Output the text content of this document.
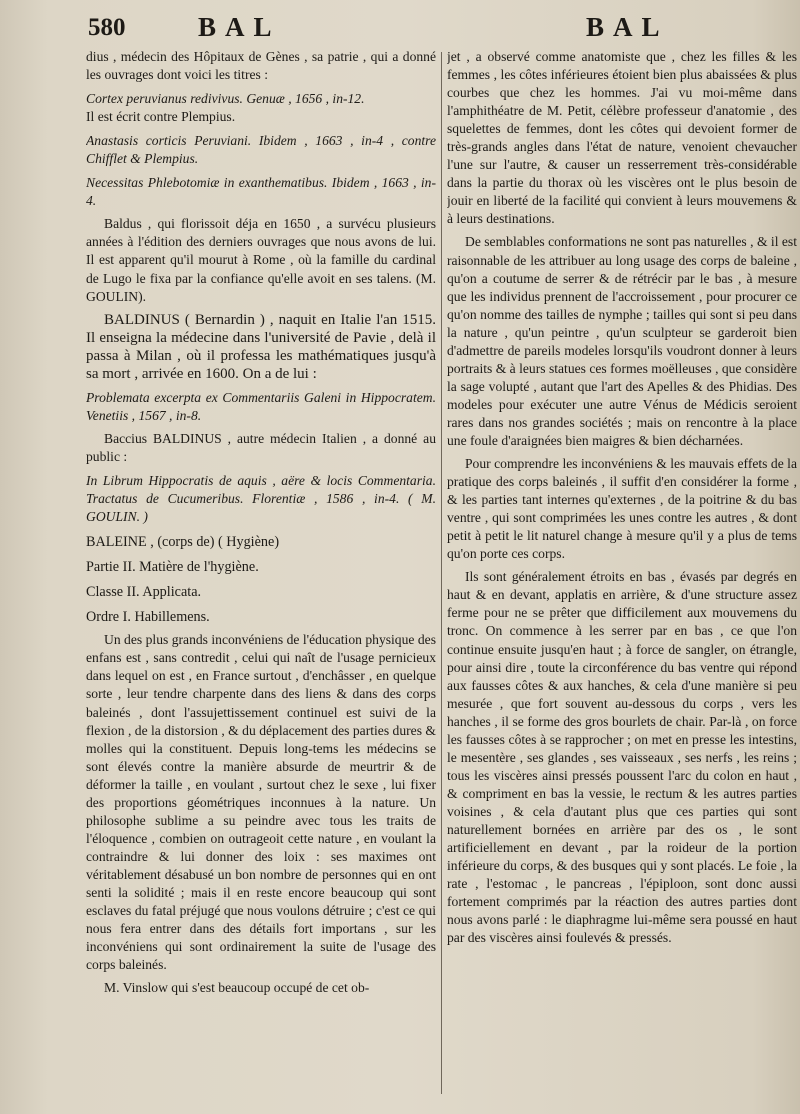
580	BAL	BAL

dius , médecin des Hôpitaux de Gènes , sa patrie , qui a donné les ouvrages dont voici les titres :

Cortex peruvianus redivivus. Genuæ , 1656 , in-12.

Il est écrit contre Plempius.

Anastasis corticis Peruviani. Ibidem , 1663 , in-4 , contre Chifflet & Plempius.

Necessitas Phlebotomiæ in exanthematibus. Ibidem , 1663 , in-4.

Baldus , qui florissoit déja en 1650 , a survécu plusieurs années à l'édition des derniers ouvrages que nous avons de lui. Il est apparent qu'il mourut à Rome , où la famille du cardinal de Lugo le fixa par la confiance qu'elle avoit en ses talens. (M. GOULIN).

BALDINUS ( Bernardin ) , naquit en Italie l'an 1515. Il enseigna la médecine dans l'université de Pavie , delà il passa à Milan , où il professa les mathématiques jusqu'à sa mort , arrivée en 1600. On a de lui :

Problemata excerpta ex Commentariis Galeni in Hippocratem. Venetiis , 1567 , in-8.

Baccius BALDINUS , autre médecin Italien , a donné au public :

In Librum Hippocratis de aquis , aëre & locis Commentaria. Tractatus de Cucumeribus. Florentiæ , 1586 , in-4. ( M. GOULIN. )

BALEINE , (corps de) ( Hygiène)

Partie II. Matière de l'hygiène.

Classe II. Applicata.

Ordre I. Habillemens.

Un des plus grands inconvéniens de l'éducation physique des enfans est , sans contredit , celui qui naît de l'usage pernicieux dans lequel on est , en France surtout , d'enchâsser , en quelque sorte , leur tendre charpente dans des liens & dans des corps baleinés , dont l'assujettissement continuel est suivi de la flexion , de la distorsion , & du déplacement des parties dures & molles qui la constituent. Depuis long-tems les médecins se sont élevés contre la manière absurde de meurtrir & de déformer la taille , en voulant , surtout chez le sexe , lui fixer des proportions géométriques inconnues à la nature. Un philosophe sublime a su peindre avec tous les traits de l'éloquence , combien on outrageoit cette nature , en voulant la contraindre & lui donner des loix : ses maximes ont véritablement désabusé un bon nombre de personnes qui en ont senti la solidité ; mais il en reste encore beaucoup qui sont esclaves du fatal préjugé que nous voulons détruire ; c'est ce qui nous fera entrer dans des détails fort importans , sur les inconvéniens qui sont ordinairement la suite de l'usage des corps baleinés.

M. Vinslow qui s'est beaucoup occupé de cet ob-

jet , a observé comme anatomiste que , chez les filles & les femmes , les côtes inférieures étoient bien plus abaissées & plus courbes que chez les hommes. J'ai vu moi-même dans l'amphithéatre de M. Petit, célèbre professeur d'anatomie , des squelettes de femmes, dont les côtes qui devoient former de très-grands angles dans l'état de nature, venoient chevaucher l'une sur l'autre, & causer un resserrement très-considérable dans la partie du thorax où les viscères ont le plus besoin de jouir en liberté de la facilité qui convient à leurs mouvemens & à leurs destinations.

De semblables conformations ne sont pas naturelles , & il est raisonnable de les attribuer au long usage des corps de baleine , qu'on a coutume de serrer & de rétrécir par le bas , à mesure que les individus prennent de l'accroissement , pour procurer ce qu'on nomme des tailles de nymphe ; tailles qui sont si peu dans la nature , qu'un peintre , qu'un sculpteur se garderoit bien d'admettre de pareils modeles lorsqu'ils voudront donner à leurs portraits & à leurs statues ces formes moëlleuses , que considère la sage volupté , autant que l'art des Apelles & des Phidias. Des modeles pour exécuter une autre Vénus de Médicis seroient rares dans nos grandes sociétés ; mais on rencontre à la place une foule d'araignées bien maigres & bien décharnées.

Pour comprendre les inconvéniens & les mauvais effets de la pratique des corps baleinés , il suffit d'en considérer la forme , & les parties tant internes qu'externes , de la poitrine & du bas ventre , qui sont comprimées les unes contre les autres , & dont petit à petit le lit naturel change à mesure qu'il y a plus de tems qu'on porte ces corps.

Ils sont généralement étroits en bas , évasés par degrés en haut & en devant, applatis en arrière, & d'une structure assez ferme pour ne se prêter que difficilement aux mouvemens du tronc. On commence à les serrer par en bas , ce que l'on continue ensuite jusqu'en haut ; à force de sangler, on étrangle, pour ainsi dire , toute la circonférence du bas ventre qui répond aux fausses côtes & aux hanches, & cela d'une manière si peu mesurée , que fort souvent au-dessous du corps , vers les hanches , il se forme des gros bourlets de chair. Par-là , on force les fausses côtes à se rapprocher ; on met en presse les intestins, le mesentère , ses glandes , ses vaisseaux , ses nerfs , les reins ; tous les viscères ainsi pressés poussent l'arc du colon en haut , & compriment en bas la vessie, le rectum & les autres parties voisines , & cela d'autant plus que ces parties qui sont naturellement bornées en arrière par des os , le sont artificiellement en devant , par la roideur de la portion inférieure du corps, & des busques qui y sont placés. Le foie , la rate , l'estomac , le pancreas , l'épiploon, sont donc aussi fortement comprimés par la réaction des autres parties dont nous avons parlé : le diaphragme lui-même sera poussé en haut par des viscères ainsi foulevés & pressés.
